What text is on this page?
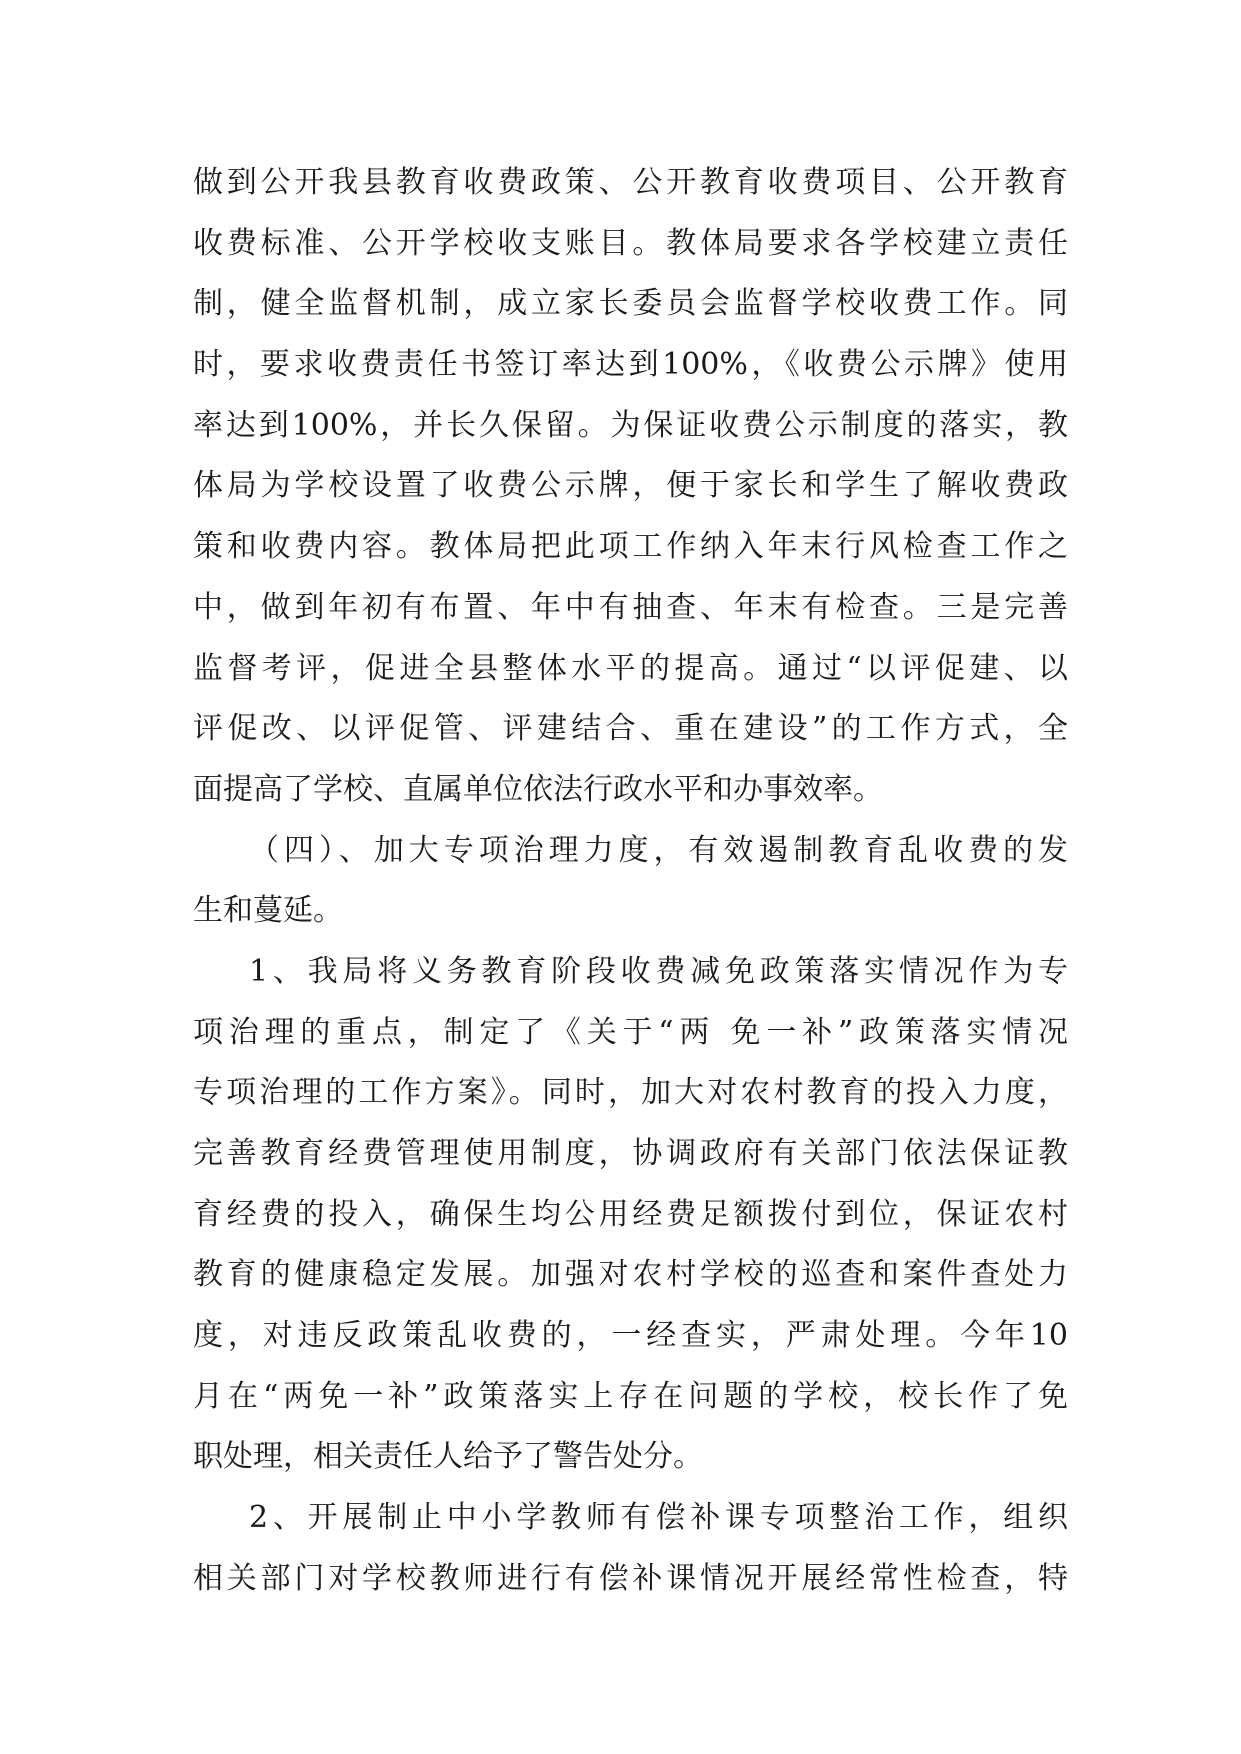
做到公开我县教育收费政策、公开教育收费项目、公开教育
收费标准、公开学校收支账目。教体局要求各学校建立责任
制，健全监督机制，成立家长委员会监督学校收费工作。同
时，要求收费责任书签订率达到100%，《收费公示牌》使用
率达到100%，并长久保留。为保证收费公示制度的落实，教
体局为学校设置了收费公示牌，便于家长和学生了解收费政
策和收费内容。教体局把此项工作纳入年末行风检查工作之
中，做到年初有布置、年中有抽查、年末有检查。三是完善
监督考评，促进全县整体水平的提高。通过“以评促建、以
评促改、以评促管、评建结合、重在建设”的工作方式，全
面提高了学校、直属单位依法行政水平和办事效率。
（四）、加大专项治理力度，有效遏制教育乱收费的发
生和蔓延。
1、我局将义务教育阶段收费减免政策落实情况作为专
项治理的重点，制定了《关于“两 免一补”政策落实情况
专项治理的工作方案》。同时，加大对农村教育的投入力度，
完善教育经费管理使用制度，协调政府有关部门依法保证教
育经费的投入，确保生均公用经费足额拨付到位，保证农村
教育的健康稳定发展。加强对农村学校的巡查和案件查处力
度，对违反政策乱收费的，一经查实，严肃处理。今年10
月在“两免一补”政策落实上存在问题的学校，校长作了免
职处理，相关责任人给予了警告处分。
2、开展制止中小学教师有偿补课专项整治工作，组织
相关部门对学校教师进行有偿补课情况开展经常性检查，特
